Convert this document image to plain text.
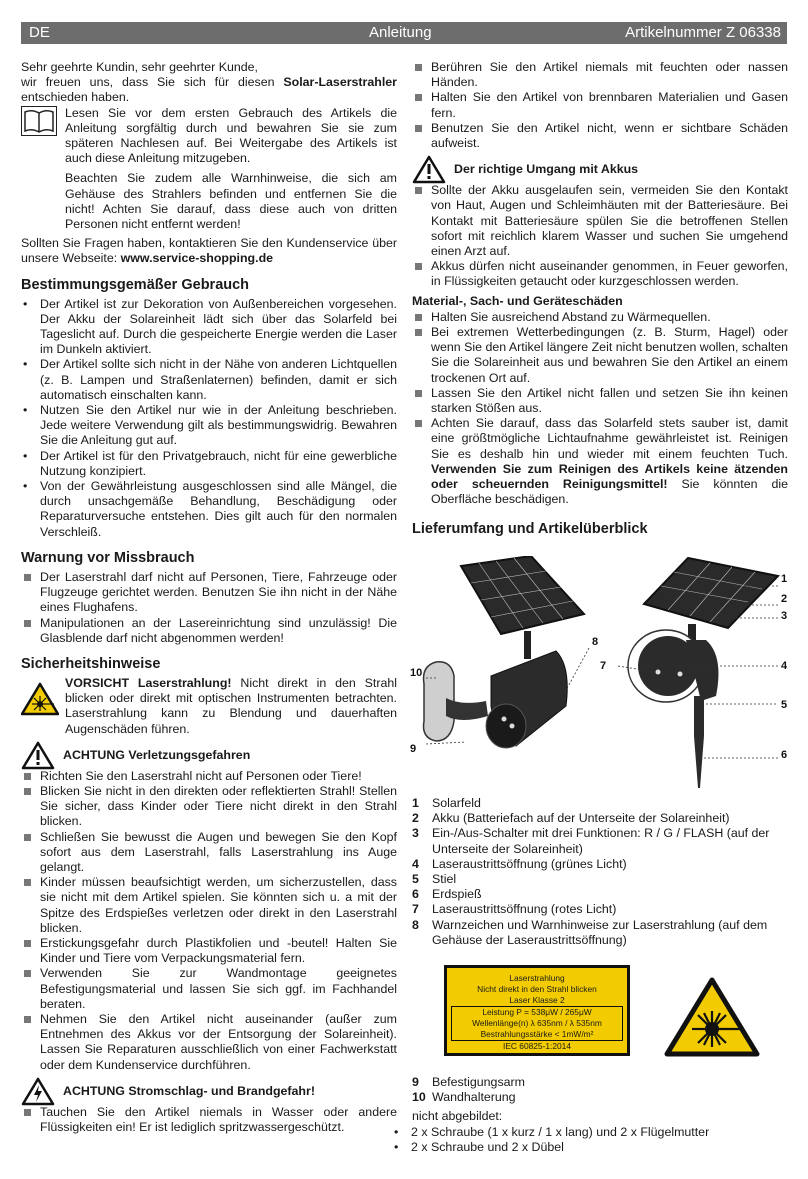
DE	Anleitung	Artikelnummer Z 06338

Sehr geehrte Kundin, sehr geehrter Kunde,

wir freuen uns, dass Sie sich für diesen Solar-Laserstrahler entschieden haben.

Lesen Sie vor dem ersten Gebrauch des Artikels die Anleitung sorgfältig durch und bewahren Sie sie zum späteren Nachlesen auf. Bei Weitergabe des Artikels ist auch diese Anleitung mitzugeben.

Beachten Sie zudem alle Warnhinweise, die sich am Gehäuse des Strahlers befinden und entfernen Sie die nicht! Achten Sie darauf, dass diese auch von dritten Personen nicht entfernt werden!

Sollten Sie Fragen haben, kontaktieren Sie den Kundenservice über unsere Webseite: www.service-shopping.de

Bestimmungsgemäßer Gebrauch
• Der Artikel ist zur Dekoration von Außenbereichen vorgesehen. Der Akku der Solareinheit lädt sich über das Solarfeld bei Tageslicht auf. Durch die gespeicherte Energie werden die Laser im Dunkeln aktiviert.
• Der Artikel sollte sich nicht in der Nähe von anderen Lichtquellen (z. B. Lampen und Straßenlaternen) befinden, damit er sich automatisch einschalten kann.
• Nutzen Sie den Artikel nur wie in der Anleitung beschrieben. Jede weitere Verwendung gilt als bestimmungswidrig. Bewahren Sie die Anleitung gut auf.
• Der Artikel ist für den Privatgebrauch, nicht für eine gewerbliche Nutzung konzipiert.
• Von der Gewährleistung ausgeschlossen sind alle Mängel, die durch unsachgemäße Behandlung, Beschädigung oder Reparaturversuche entstehen. Dies gilt auch für den normalen Verschleiß.
Warnung vor Missbrauch
Der Laserstrahl darf nicht auf Personen, Tiere, Fahrzeuge oder Flugzeuge gerichtet werden. Benutzen Sie ihn nicht in der Nähe eines Flughafens.
Manipulationen an der Lasereinrichtung sind unzulässig! Die Glasblende darf nicht abgenommen werden!
Sicherheitshinweise

VORSICHT Laserstrahlung! Nicht direkt in den Strahl blicken oder direkt mit optischen Instrumenten betrachten. Laserstrahlung kann zu Blendung und dauerhaften Augenschäden führen.

ACHTUNG Verletzungsgefahren
Richten Sie den Laserstrahl nicht auf Personen oder Tiere!
Blicken Sie nicht in den direkten oder reflektierten Strahl! Stellen Sie sicher, dass Kinder oder Tiere nicht direkt in den Strahl blicken.
Schließen Sie bewusst die Augen und bewegen Sie den Kopf sofort aus dem Laserstrahl, falls Laserstrahlung ins Auge gelangt.
Kinder müssen beaufsichtigt werden, um sicherzustellen, dass sie nicht mit dem Artikel spielen. Sie könnten sich u. a mit der Spitze des Erdspießes verletzen oder direkt in den Laserstrahl blicken.
Erstickungsgefahr durch Plastikfolien und -beutel! Halten Sie Kinder und Tiere vom Verpackungsmaterial fern.
Verwenden Sie zur Wandmontage geeignetes Befestigungsmaterial und lassen Sie sich ggf. im Fachhandel beraten.
Nehmen Sie den Artikel nicht auseinander (außer zum Entnehmen des Akkus vor der Entsorgung der Solareinheit). Lassen Sie Reparaturen ausschließlich von einer Fachwerkstatt oder dem Kundenservice durchführen.
ACHTUNG Stromschlag- und Brandgefahr!
Tauchen Sie den Artikel niemals in Wasser oder andere Flüssigkeiten ein! Er ist lediglich spritzwassergeschützt.
Berühren Sie den Artikel niemals mit feuchten oder nassen Händen.
Halten Sie den Artikel von brennbaren Materialien und Gasen fern.
Benutzen Sie den Artikel nicht, wenn er sichtbare Schäden aufweist.
Der richtige Umgang mit Akkus
Sollte der Akku ausgelaufen sein, vermeiden Sie den Kontakt von Haut, Augen und Schleimhäuten mit der Batteriesäure. Bei Kontakt mit Batteriesäure spülen Sie die betroffenen Stellen sofort mit reichlich klarem Wasser und suchen Sie umgehend einen Arzt auf.
Akkus dürfen nicht auseinander genommen, in Feuer geworfen, in Flüssigkeiten getaucht oder kurzgeschlossen werden.
Material-, Sach- und Geräteschäden
Halten Sie ausreichend Abstand zu Wärmequellen.
Bei extremen Wetterbedingungen (z. B. Sturm, Hagel) oder wenn Sie den Artikel längere Zeit nicht benutzen wollen, schalten Sie die Solareinheit aus und bewahren Sie den Artikel an einem trockenen Ort auf.
Lassen Sie den Artikel nicht fallen und setzen Sie ihn keinen starken Stößen aus.
Achten Sie darauf, dass das Solarfeld stets sauber ist, damit eine größtmögliche Lichtaufnahme gewährleistet ist. Reinigen Sie es deshalb hin und wieder mit einem feuchten Tuch. Verwenden Sie zum Reinigen des Artikels keine ätzenden oder scheuernden Reinigungsmittel! Sie könnten die Oberfläche beschädigen.
Lieferumfang und Artikelüberblick
1
2
3
4
5
6
7
8
9
10
1 Solarfeld
2 Akku (Batteriefach auf der Unterseite der Solareinheit)
3 Ein-/Aus-Schalter mit drei Funktionen: R / G / FLASH (auf der Unterseite der Solareinheit)
4 Laseraustrittsöffnung (grünes Licht)
5 Stiel
6 Erdspieß
7 Laseraustrittsöffnung (rotes Licht)
8 Warnzeichen und Warnhinweise zur Laserstrahlung (auf dem Gehäuse der Laseraustrittsöffnung)
Laserstrahlung
Nicht direkt in den Strahl blicken
Laser Klasse 2
Leistung P = 538μW / 265μW
Wellenlänge(n) λ 635nm / λ 535nm
Bestrahlungsstärke < 1mW/m²
IEC 60825-1:2014
9 Befestigungsarm
10 Wandhalterung

nicht abgebildet:

• 2 x Schraube (1 x kurz / 1 x lang) und 2 x Flügelmutter
• 2 x Schraube und 2 x Dübel
